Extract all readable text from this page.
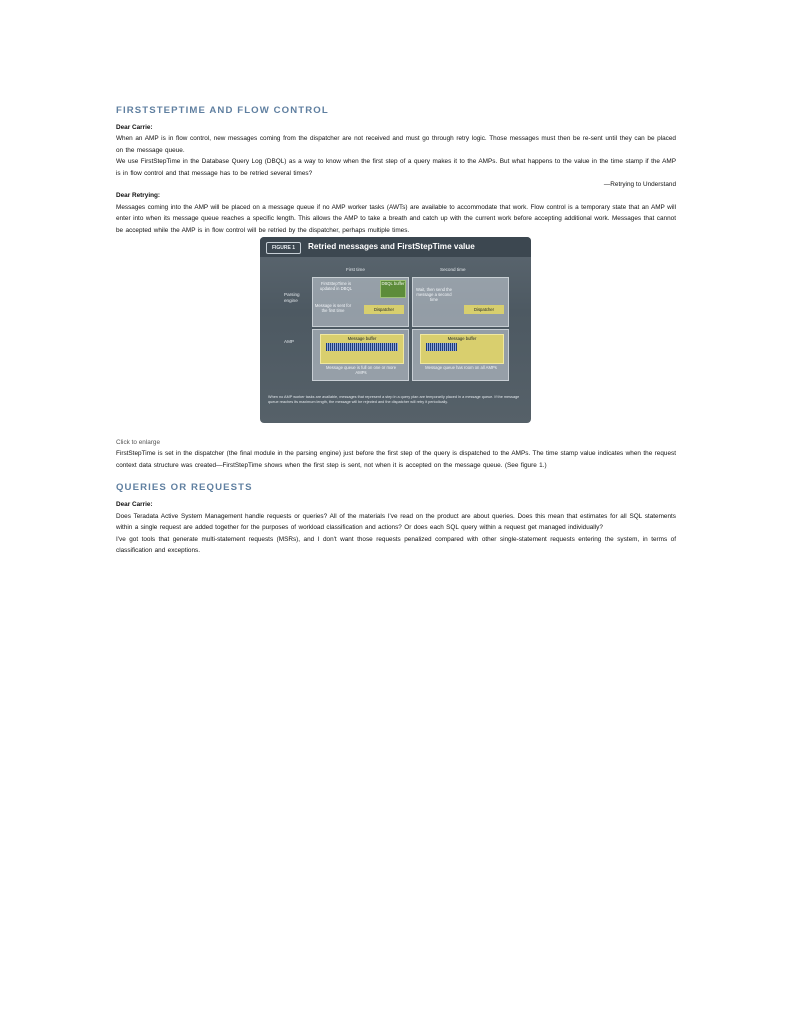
FIRSTSTEPTIME AND FLOW CONTROL

Dear Carrie:

When an AMP is in flow control, new messages coming from the dispatcher are not received and must go through retry logic. Those messages must then be re-sent until they can be placed on the message queue.

We use FirstStepTime in the Database Query Log (DBQL) as a way to know when the first step of a query makes it to the AMPs. But what happens to the value in the time stamp if the AMP is in flow control and that message has to be retried several times?

—Retrying to Understand

Dear Retrying:

Messages coming into the AMP will be placed on a message queue if no AMP worker tasks (AWTs) are available to accommodate that work. Flow control is a temporary state that an AMP will enter into when its message queue reaches a specific length. This allows the AMP to take a breath and catch up with the current work before accepting additional work. Messages that cannot be accepted while the AMP is in flow control will be retried by the dispatcher, perhaps multiple times.

FIGURE 1	Retried messages and FirstStepTime value
First time	Second time
Parsing engine
AMP
FirstStepTime is updated in DBQL
DBQL buffer
Message is sent for the first time	Dispatcher
Wait, then send the message a second time
Dispatcher
Message buffer	Message buffer
Message queue is full on one or more AMPs
Message queue has room on all AMPs
When no AMP worker tasks are available, messages that represent a step in a query plan are temporarily placed in a message queue. If the message queue reaches its maximum length, the message will be rejected and the dispatcher will retry it periodically.

Click to enlarge

FirstStepTime is set in the dispatcher (the final module in the parsing engine) just before the first step of the query is dispatched to the AMPs. The time stamp value indicates when the request context data structure was created—FirstStepTime shows when the first step is sent, not when it is accepted on the message queue. (See figure 1.)

QUERIES OR REQUESTS

Dear Carrie:

Does Teradata Active System Management handle requests or queries? All of the materials I've read on the product are about queries. Does this mean that estimates for all SQL statements within a single request are added together for the purposes of workload classification and actions? Or does each SQL query within a request get managed individually?

I've got tools that generate multi-statement requests (MSRs), and I don't want those requests penalized compared with other single-statement requests entering the system, in terms of classification and exceptions.
